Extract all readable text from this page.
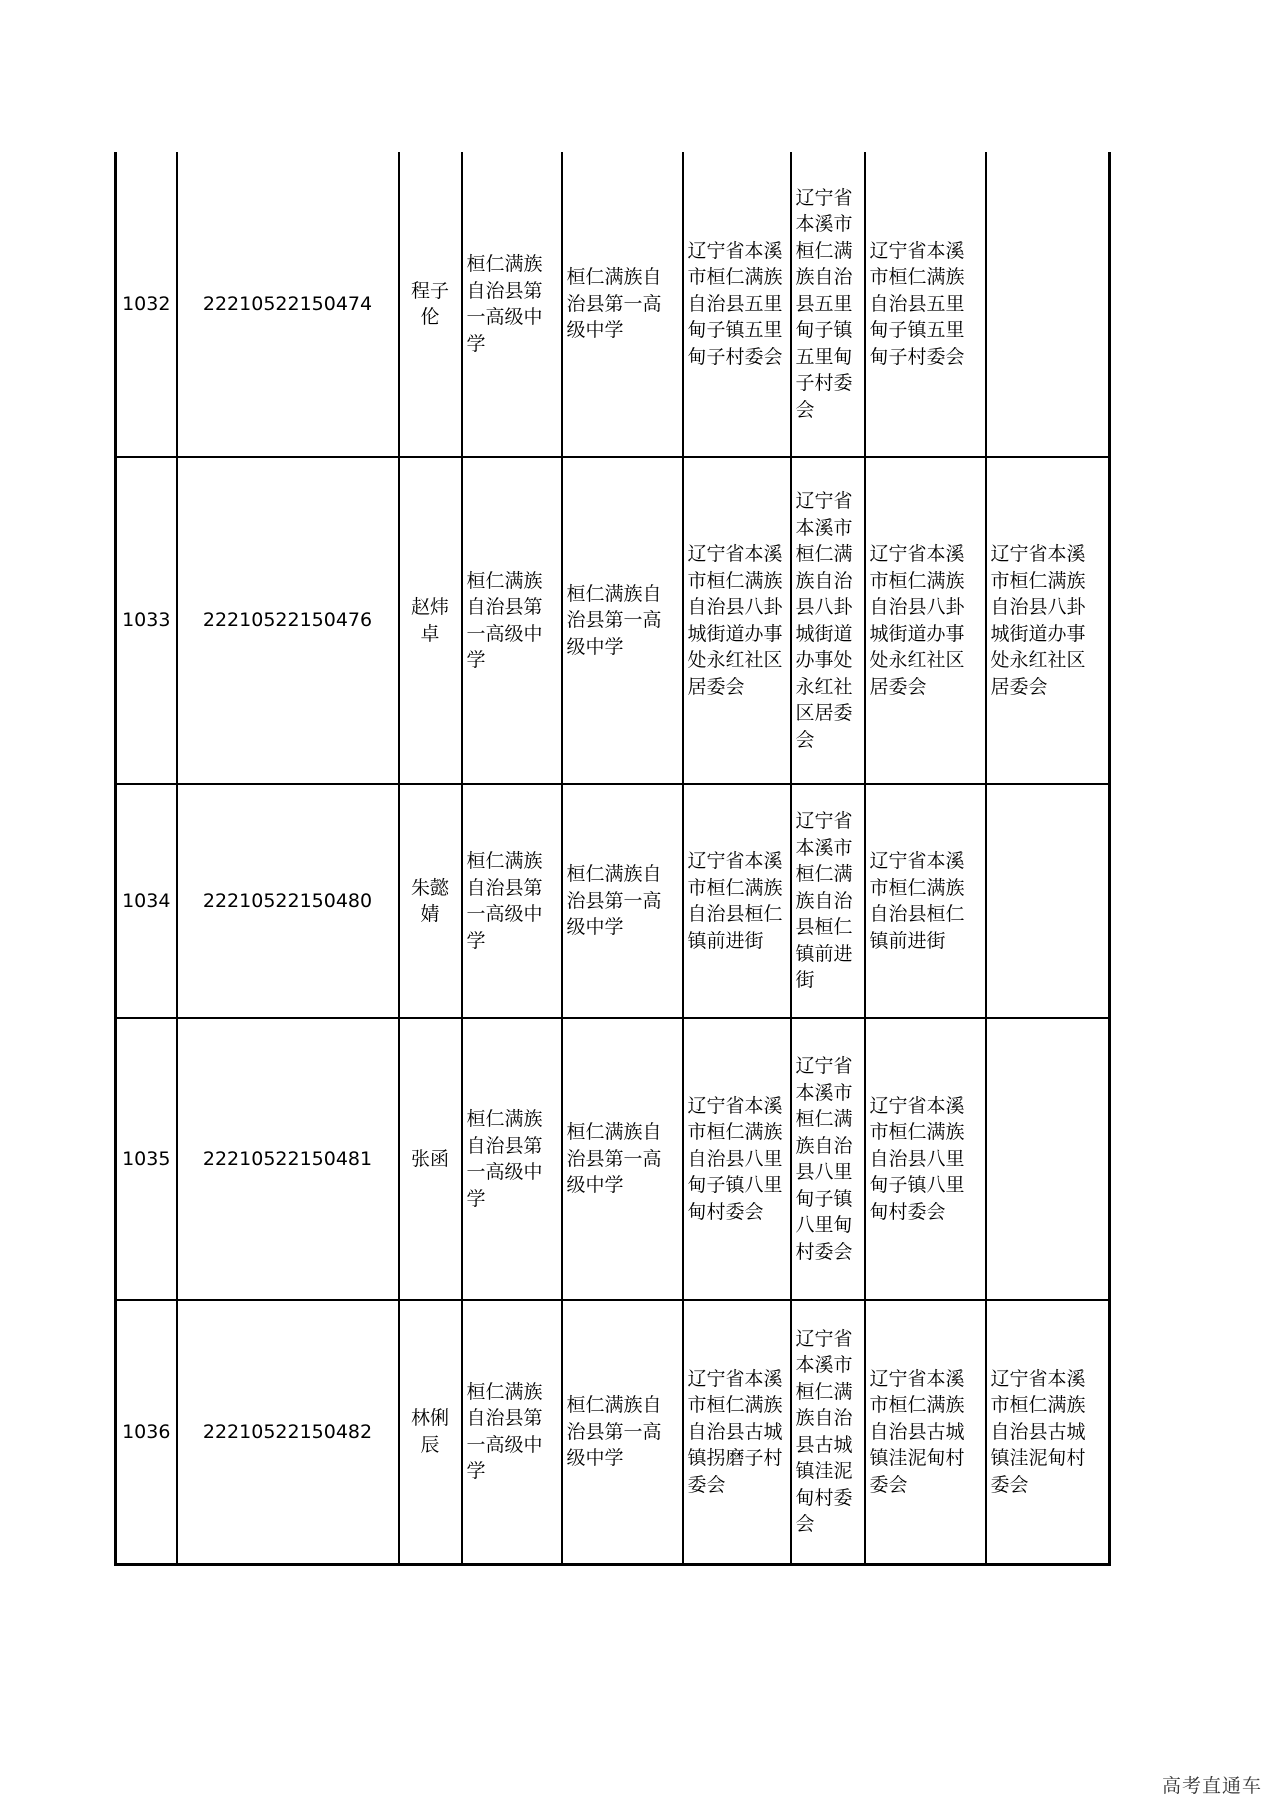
1032	22210522150474	程子伦	桓仁满族自治县第一高级中学	桓仁满族自治县第一高级中学	辽宁省本溪市桓仁满族自治县五里甸子镇五里甸子村委会	辽宁省本溪市桓仁满族自治县五里甸子镇五里甸子村委会	辽宁省本溪市桓仁满族自治县五里甸子镇五里甸子村委会	
1033	22210522150476	赵炜卓	桓仁满族自治县第一高级中学	桓仁满族自治县第一高级中学	辽宁省本溪市桓仁满族自治县八卦城街道办事处永红社区居委会	辽宁省本溪市桓仁满族自治县八卦城街道办事处永红社区居委会	辽宁省本溪市桓仁满族自治县八卦城街道办事处永红社区居委会	辽宁省本溪市桓仁满族自治县八卦城街道办事处永红社区居委会
1034	22210522150480	朱懿婧	桓仁满族自治县第一高级中学	桓仁满族自治县第一高级中学	辽宁省本溪市桓仁满族自治县桓仁镇前进街	辽宁省本溪市桓仁满族自治县桓仁镇前进街	辽宁省本溪市桓仁满族自治县桓仁镇前进街	
1035	22210522150481	张函	桓仁满族自治县第一高级中学	桓仁满族自治县第一高级中学	辽宁省本溪市桓仁满族自治县八里甸子镇八里甸村委会	辽宁省本溪市桓仁满族自治县八里甸子镇八里甸村委会	辽宁省本溪市桓仁满族自治县八里甸子镇八里甸村委会	
1036	22210522150482	林俐辰	桓仁满族自治县第一高级中学	桓仁满族自治县第一高级中学	辽宁省本溪市桓仁满族自治县古城镇拐磨子村委会	辽宁省本溪市桓仁满族自治县古城镇洼泥甸村委会	辽宁省本溪市桓仁满族自治县古城镇洼泥甸村委会	辽宁省本溪市桓仁满族自治县古城镇洼泥甸村委会
高考直通车
